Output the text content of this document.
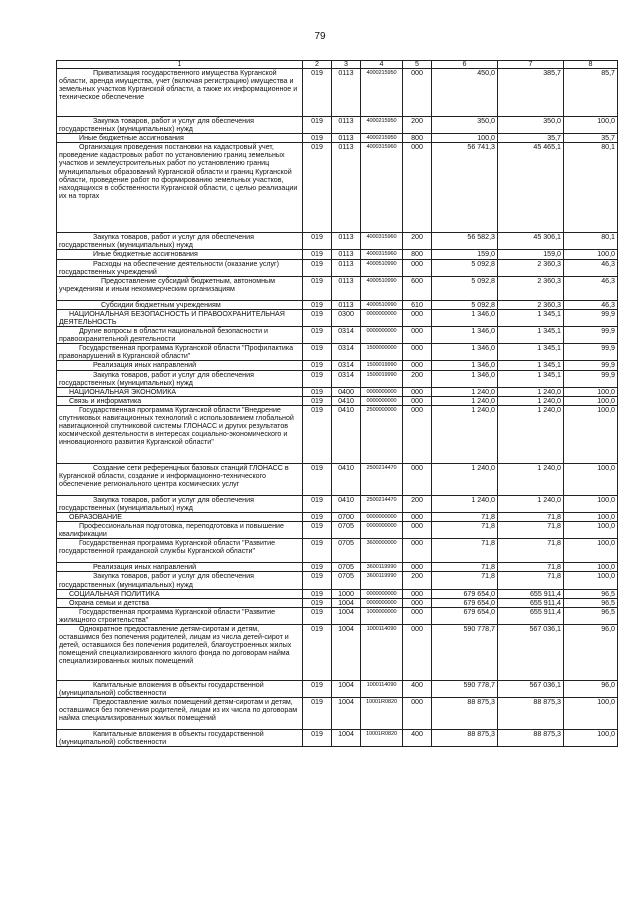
79
1	2	3	4	5	6	7	8

Приватизация государственного имущества Курганской области, аренда имущества, учет (включая регистрацию) имущества и земельных участков Курганской области, а также их информационное и техническое обеспечение	019	0113	4000215950	000	450,0	385,7	85,7

Закупка товаров, работ и услуг для обеспечения государственных (муниципальных) нужд	019	0113	4000215950	200	350,0	350,0	100,0

Иные бюджетные ассигнования	019	0113	4000215950	800	100,0	35,7	35,7

Организация проведения постановки на кадастровый учет, проведение кадастровых работ по установлению границ земельных участков и землеустроительных работ по установлению границ муниципальных образований Курганской области и границ Курганской области, проведение работ по формированию земельных участков, находящихся в собственности Курганской области, с целью реализации их на торгах	019	0113	4000315960	000	56 741,3	45 465,1	80,1

Закупка товаров, работ и услуг для обеспечения государственных (муниципальных) нужд	019	0113	4000315960	200	56 582,3	45 306,1	80,1

Иные бюджетные ассигнования	019	0113	4000315960	800	159,0	159,0	100,0

Расходы на обеспечение деятельности (оказание услуг) государственных учреждений	019	0113	4000510990	000	5 092,8	2 360,3	46,3

Предоставление субсидий бюджетным, автономным учреждениям и иным некоммерческим организациям	019	0113	4000510990	600	5 092,8	2 360,3	46,3

Субсидии бюджетным учреждениям	019	0113	4000510990	610	5 092,8	2 360,3	46,3

НАЦИОНАЛЬНАЯ БЕЗОПАСНОСТЬ И ПРАВООХРАНИТЕЛЬНАЯ ДЕЯТЕЛЬНОСТЬ	019	0300	0000000000	000	1 346,0	1 345,1	99,9

Другие вопросы в области национальной безопасности и правоохранительной деятельности	019	0314	0000000000	000	1 346,0	1 345,1	99,9

Государственная программа Курганской области "Профилактика правонарушений в Курганской области"	019	0314	1500000000	000	1 346,0	1 345,1	99,9

Реализация иных направлений	019	0314	1500019990	000	1 346,0	1 345,1	99,9

Закупка товаров, работ и услуг для обеспечения государственных (муниципальных) нужд	019	0314	1500019990	200	1 346,0	1 345,1	99,9

НАЦИОНАЛЬНАЯ ЭКОНОМИКА	019	0400	0000000000	000	1 240,0	1 240,0	100,0

Связь и информатика	019	0410	0000000000	000	1 240,0	1 240,0	100,0

Государственная программа Курганской области "Внедрение спутниковых навигационных технологий с использованием глобальной навигационной спутниковой системы ГЛОНАСС и других результатов космической деятельности в интересах социально-экономического и инновационного развития Курганской области"	019	0410	2500000000	000	1 240,0	1 240,0	100,0

Создание сети референцных базовых станций ГЛОНАСС в Курганской области, создание и информационно-технического обеспечение регионального центра космических услуг	019	0410	2500214470	000	1 240,0	1 240,0	100,0

Закупка товаров, работ и услуг для обеспечения государственных (муниципальных) нужд	019	0410	2500214470	200	1 240,0	1 240,0	100,0

ОБРАЗОВАНИЕ	019	0700	0000000000	000	71,8	71,8	100,0

Профессиональная подготовка, переподготовка и повышение квалификации	019	0705	0000000000	000	71,8	71,8	100,0

Государственная программа Курганской области "Развитие государственной гражданской службы Курганской области"	019	0705	3600000000	000	71,8	71,8	100,0

Реализация иных направлений	019	0705	3600119990	000	71,8	71,8	100,0

Закупка товаров, работ и услуг для обеспечения государственных (муниципальных) нужд	019	0705	3600119990	200	71,8	71,8	100,0

СОЦИАЛЬНАЯ ПОЛИТИКА	019	1000	0000000000	000	679 654,0	655 911,4	96,5

Охрана семьи и детства	019	1004	0000000000	000	679 654,0	655 911,4	96,5

Государственная программа Курганской области "Развитие жилищного строительства"	019	1004	1000000000	000	679 654,0	655 911,4	96,5

Однократное предоставление детям-сиротам и детям, оставшимся без попечения родителей, лицам из числа детей-сирот и детей, оставшихся без попечения родителей, благоустроенных жилых помещений специализированного жилого фонда по договорам найма специализированных жилых помещений	019	1004	1000114090	000	590 778,7	567 036,1	96,0

Капитальные вложения в объекты государственной (муниципальной) собственности	019	1004	1000114090	400	590 778,7	567 036,1	96,0

Предоставление жилых помещений детям-сиротам и детям, оставшимся без попечения родителей, лицам из их числа по договорам найма специализированных жилых помещений	019	1004	10001R0820	000	88 875,3	88 875,3	100,0

Капитальные вложения в объекты государственной (муниципальной) собственности	019	1004	10001R0820	400	88 875,3	88 875,3	100,0
